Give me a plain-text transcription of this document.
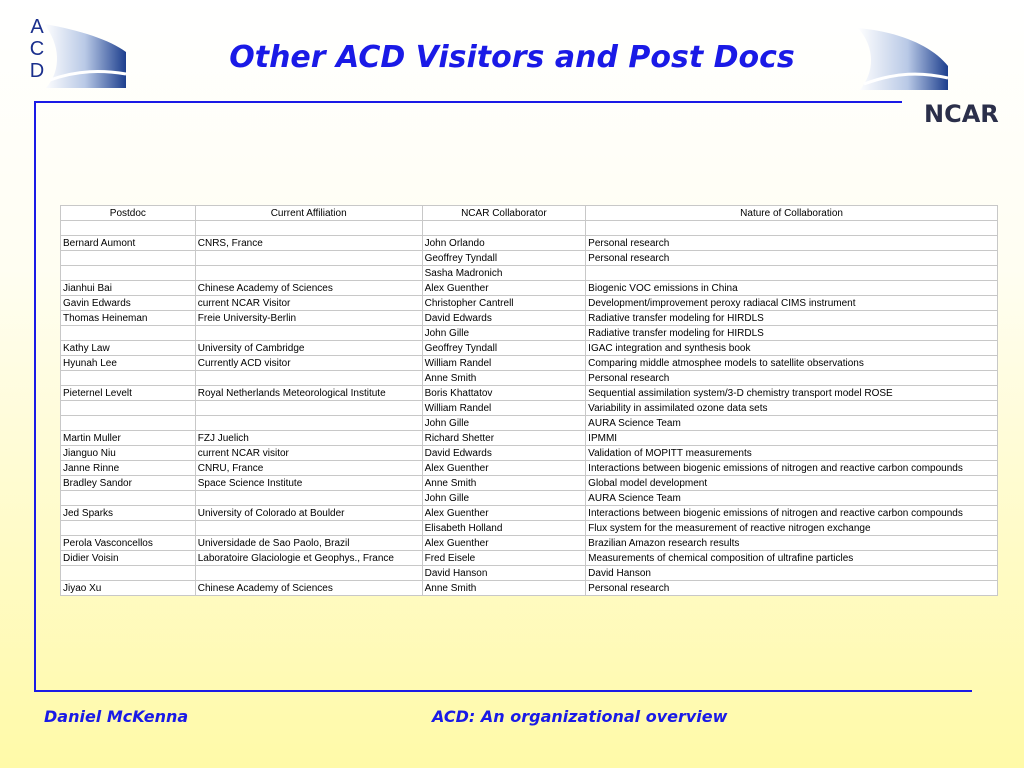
A
C
D
NCAR
Other ACD Visitors and Post Docs
Postdoc	Current Affiliation	NCAR Collaborator	Nature of Collaboration

Bernard Aumont	CNRS, France	John Orlando	Personal research
		Geoffrey Tyndall	Personal research
		Sasha Madronich	
Jianhui Bai	Chinese Academy of Sciences	Alex Guenther	Biogenic VOC emissions in China
Gavin Edwards	current NCAR Visitor	Christopher Cantrell	Development/improvement peroxy radiacal CIMS instrument
Thomas Heineman	Freie University-Berlin	David Edwards	Radiative transfer modeling for HIRDLS
		John Gille	Radiative transfer modeling for HIRDLS
Kathy Law	University of Cambridge	Geoffrey Tyndall	IGAC integration and synthesis book
Hyunah Lee	Currently ACD visitor	William Randel	Comparing middle atmosphee models to satellite observations
		Anne Smith	Personal research
Pieternel Levelt	Royal Netherlands Meteorological Institute	Boris Khattatov	Sequential assimilation system/3-D chemistry transport model ROSE
		William Randel	Variability in assimilated ozone data sets
		John Gille	AURA Science Team
Martin Muller	FZJ Juelich	Richard Shetter	IPMMI
Jianguo Niu	current NCAR visitor	David Edwards	Validation of MOPITT measurements
Janne Rinne	CNRU, France	Alex Guenther	Interactions between biogenic emissions of nitrogen and reactive carbon compounds
Bradley Sandor	Space Science Institute	Anne Smith	Global model development
		John Gille	AURA Science Team
Jed Sparks	University of Colorado at Boulder	Alex Guenther	Interactions between biogenic emissions of nitrogen and reactive carbon compounds
		Elisabeth Holland	Flux system for the measurement of reactive nitrogen exchange
Perola Vasconcellos	Universidade de Sao Paolo, Brazil	Alex Guenther	Brazilian Amazon research results
Didier Voisin	Laboratoire Glaciologie et Geophys., France	Fred Eisele	Measurements of chemical composition of ultrafine particles
		David Hanson	David Hanson
Jiyao Xu	Chinese Academy of Sciences	Anne Smith	Personal research
Daniel McKenna	ACD: An organizational overview
